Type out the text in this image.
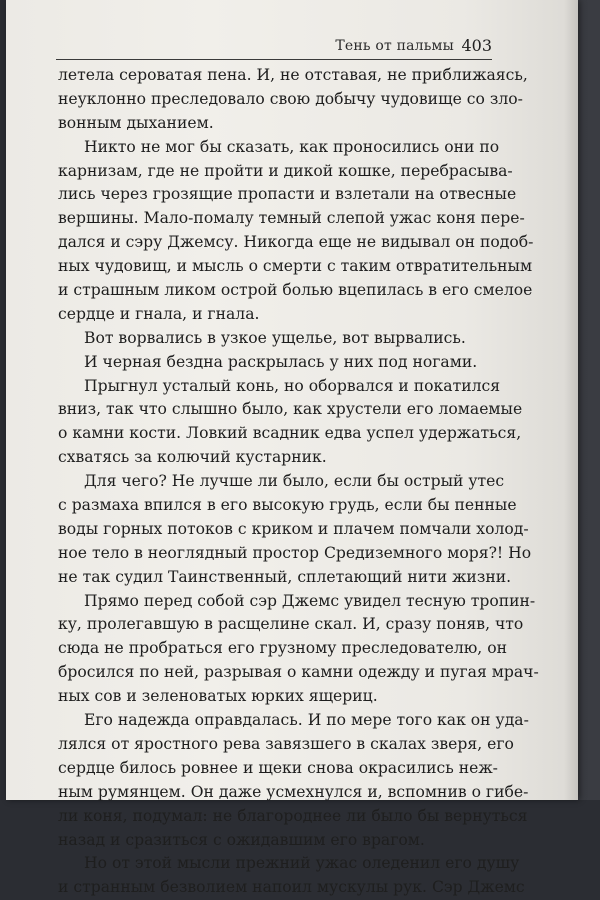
Тень от пальмы 403
летела сероватая пена. И, не отставая, не приближаясь,
неуклонно преследовало свою добычу чудовище со зло-
вонным дыханием.
Никто не мог бы сказать, как проносились они по
карнизам, где не пройти и дикой кошке, перебрасыва-
лись через грозящие пропасти и взлетали на отвесные
вершины. Мало-помалу темный слепой ужас коня пере-
дался и сэру Джемсу. Никогда еще не видывал он подоб-
ных чудовищ, и мысль о смерти с таким отвратительным
и страшным ликом острой болью вцепилась в его смелое
сердце и гнала, и гнала.
Вот ворвались в узкое ущелье, вот вырвались.
И черная бездна раскрылась у них под ногами.
Прыгнул усталый конь, но оборвался и покатился
вниз, так что слышно было, как хрустели его ломаемые
о камни кости. Ловкий всадник едва успел удержаться,
схватясь за колючий кустарник.
Для чего? Не лучше ли было, если бы острый утес
с размаха впился в его высокую грудь, если бы пенные
воды горных потоков с криком и плачем помчали холод-
ное тело в неоглядный простор Средиземного моря?! Но
не так судил Таинственный, сплетающий нити жизни.
Прямо перед собой сэр Джемс увидел тесную тропин-
ку, пролегавшую в расщелине скал. И, сразу поняв, что
сюда не пробраться его грузному преследователю, он
бросился по ней, разрывая о камни одежду и пугая мрач-
ных сов и зеленоватых юрких ящериц.
Его надежда оправдалась. И по мере того как он уда-
лялся от яростного рева завязшего в скалах зверя, его
сердце билось ровнее и щеки снова окрасились неж-
ным румянцем. Он даже усмехнулся и, вспомнив о гибе-
ли коня, подумал: не благороднее ли было бы вернуться
назад и сразиться с ожидавшим его врагом.
Но от этой мысли прежний ужас оледенил его душу
и странным безволием напоил мускулы рук. Сэр Джемс
